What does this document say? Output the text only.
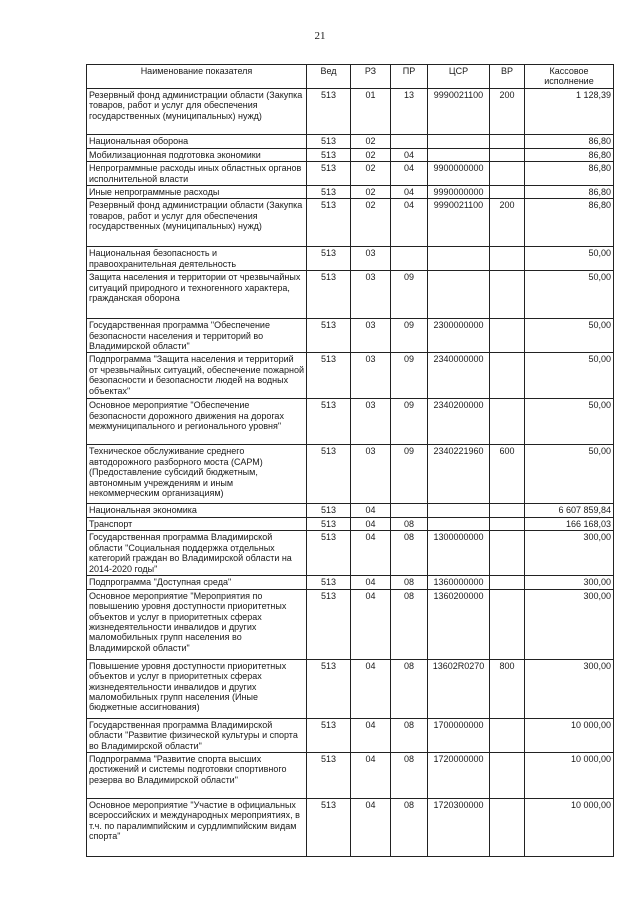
21
Наименование показателя	Вед	РЗ	ПР	ЦСР	ВР	Кассовое исполнение
Резервный фонд администрации области (Закупка товаров, работ и услуг для обеспечения государственных (муниципальных) нужд)	513	01	13	9990021100	200	1 128,39
Национальная оборона	513	02				86,80
Мобилизационная подготовка экономики	513	02	04			86,80
Непрограммные расходы иных областных органов исполнительной власти	513	02	04	9900000000		86,80
Иные непрограммные расходы	513	02	04	9990000000		86,80
Резервный фонд администрации области (Закупка товаров, работ и услуг для обеспечения государственных (муниципальных) нужд)	513	02	04	9990021100	200	86,80
Национальная безопасность и правоохранительная деятельность	513	03				50,00
Защита населения и территории от чрезвычайных ситуаций природного и техногенного характера, гражданская оборона	513	03	09			50,00
Государственная программа "Обеспечение безопасности населения и территорий во Владимирской области"	513	03	09	2300000000		50,00
Подпрограмма "Защита населения и территорий от чрезвычайных ситуаций, обеспечение пожарной безопасности и безопасности людей на водных объектах"	513	03	09	2340000000		50,00
Основное мероприятие "Обеспечение безопасности дорожного движения на дорогах межмуниципального и регионального уровня"	513	03	09	2340200000		50,00
Техническое обслуживание среднего автодорожного разборного моста (САРМ) (Предоставление субсидий бюджетным, автономным учреждениям и иным некоммерческим организациям)	513	03	09	2340221960	600	50,00
Национальная экономика	513	04				6 607 859,84
Транспорт	513	04	08			166 168,03
Государственная программа Владимирской области "Социальная поддержка отдельных категорий граждан во Владимирской области на 2014-2020 годы"	513	04	08	1300000000		300,00
Подпрограмма "Доступная среда"	513	04	08	1360000000		300,00
Основное мероприятие "Мероприятия по повышению уровня доступности приоритетных объектов и услуг в приоритетных сферах жизнедеятельности инвалидов и других маломобильных групп населения во Владимирской области"	513	04	08	1360200000		300,00
Повышение уровня доступности приоритетных объектов и услуг в приоритетных сферах жизнедеятельности инвалидов и других маломобильных групп населения (Иные бюджетные ассигнования)	513	04	08	13602R0270	800	300,00
Государственная программа Владимирской области "Развитие физической культуры и спорта во Владимирской области"	513	04	08	1700000000		10 000,00
Подпрограмма "Развитие спорта высших достижений и системы подготовки спортивного резерва во Владимирской области"	513	04	08	1720000000		10 000,00
Основное мероприятие "Участие в официальных всероссийских и международных мероприятиях, в т.ч. по паралимпийским и сурдлимпийским видам спорта"	513	04	08	1720300000		10 000,00
